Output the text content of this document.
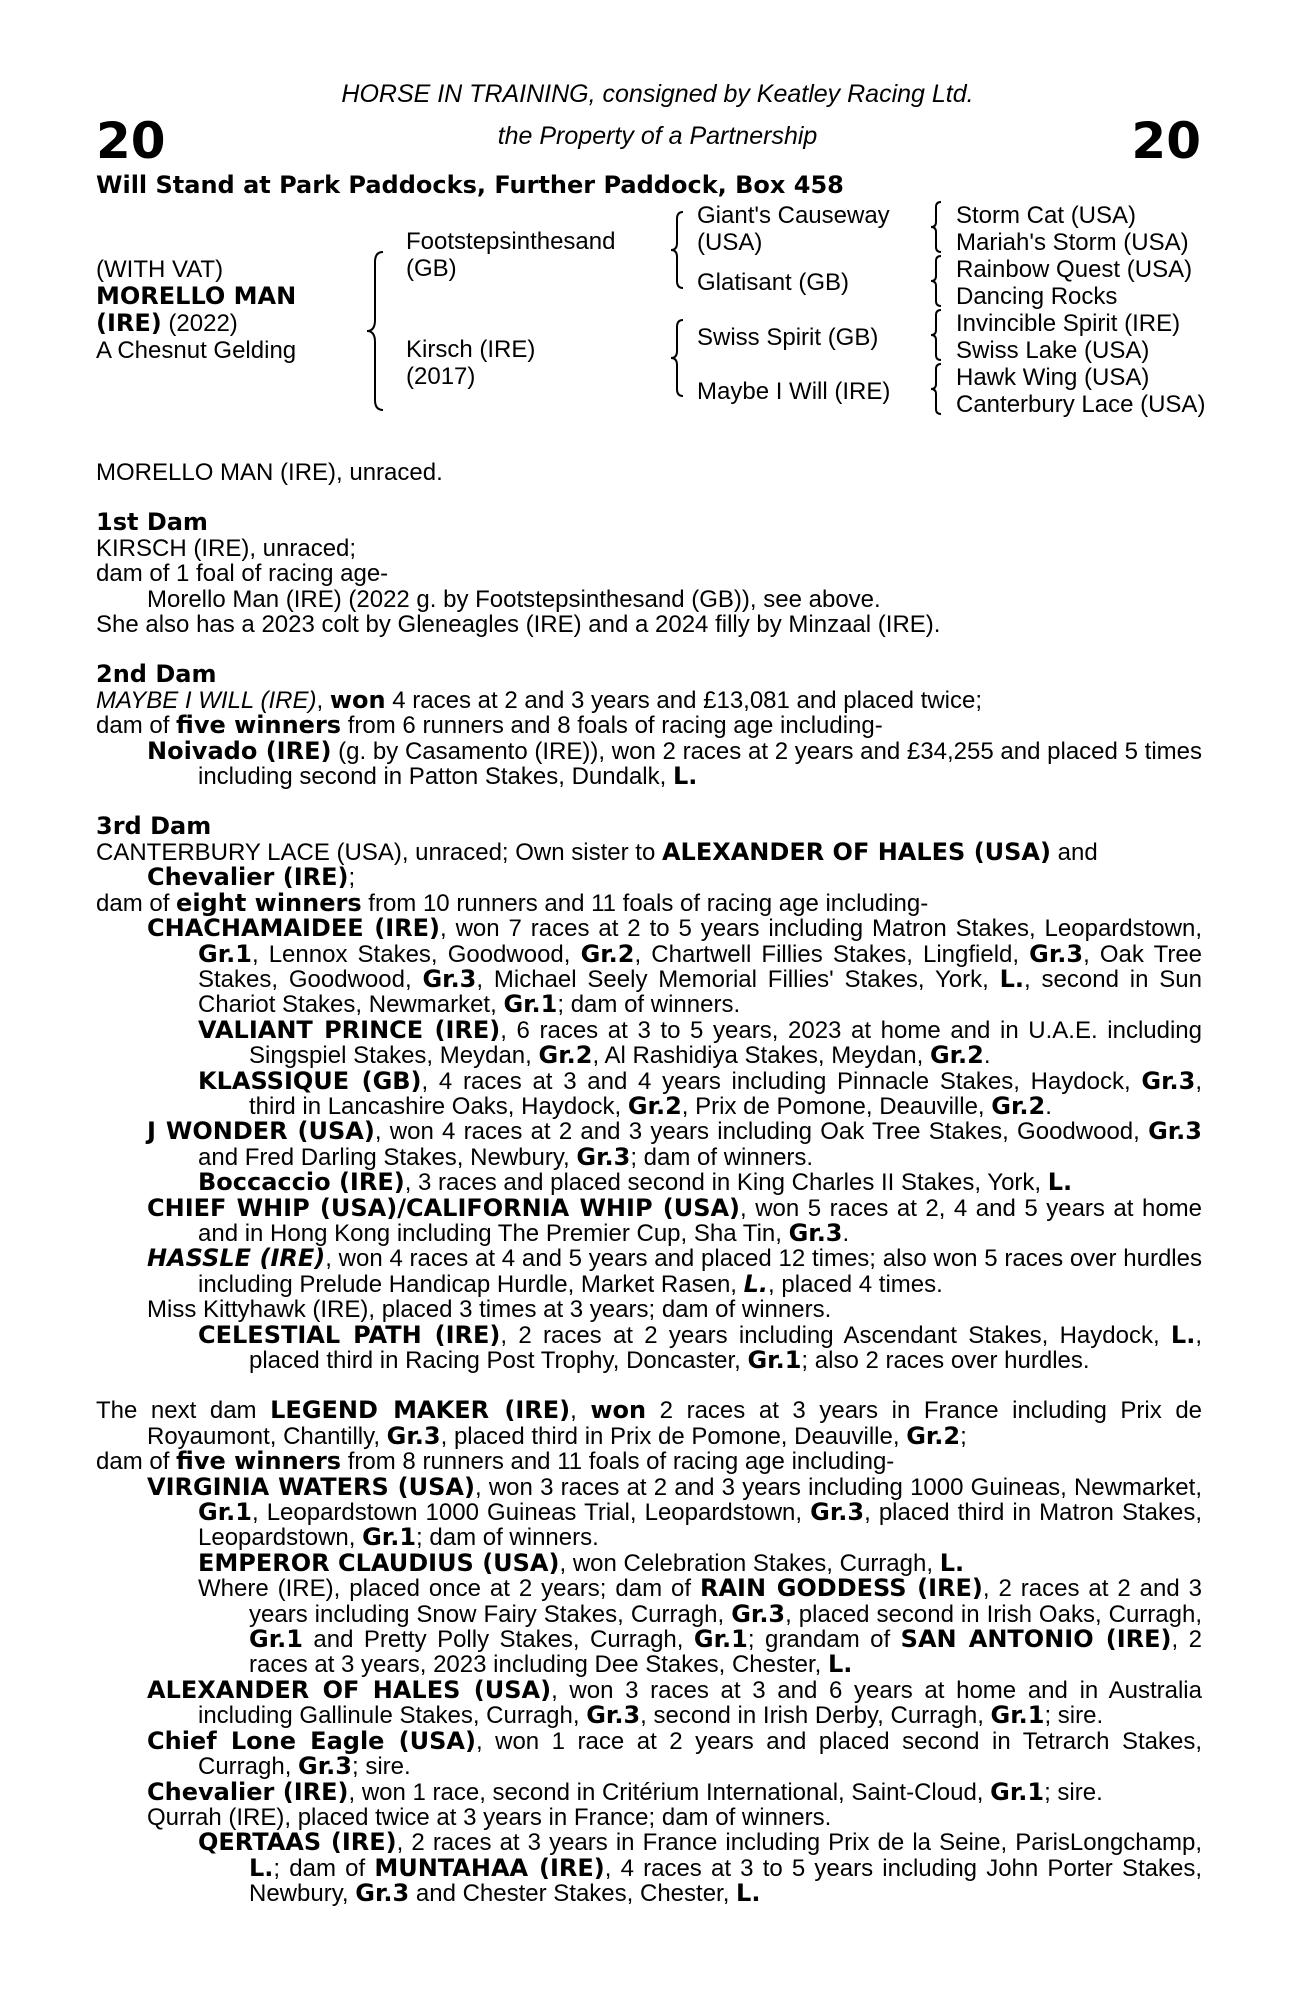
20	20
HORSE IN TRAINING, consigned by Keatley Racing Ltd.
the Property of a Partnership
Will Stand at Park Paddocks, Further Paddock, Box 458
(WITH VAT)
MORELLO MAN
(IRE) (2022)
A Chesnut Gelding
Footstepsinthesand
(GB)
Kirsch (IRE)
(2017)
Giant's Causeway
(USA)
Glatisant (GB)
Swiss Spirit (GB)
Maybe I Will (IRE)
Storm Cat (USA)
Mariah's Storm (USA)
Rainbow Quest (USA)
Dancing Rocks
Invincible Spirit (IRE)
Swiss Lake (USA)
Hawk Wing (USA)
Canterbury Lace (USA)

MORELLO MAN (IRE), unraced.

1st Dam

KIRSCH (IRE), unraced;

dam of 1 foal of racing age-

Morello Man (IRE) (2022 g. by Footstepsinthesand (GB)), see above.

She also has a 2023 colt by Gleneagles (IRE) and a 2024 filly by Minzaal (IRE).

2nd Dam

MAYBE I WILL (IRE), won 4 races at 2 and 3 years and £13,081 and placed twice;

dam of five winners from 6 runners and 8 foals of racing age including-

Noivado (IRE) (g. by Casamento (IRE)), won 2 races at 2 years and £34,255 and placed 5 times including second in Patton Stakes, Dundalk, L.

3rd Dam

CANTERBURY LACE (USA), unraced; Own sister to ALEXANDER OF HALES (USA) and
Chevalier (IRE);

dam of eight winners from 10 runners and 11 foals of racing age including-

CHACHAMAIDEE (IRE), won 7 races at 2 to 5 years including Matron Stakes, Leopardstown, Gr.1, Lennox Stakes, Goodwood, Gr.2, Chartwell Fillies Stakes, Lingfield, Gr.3, Oak Tree Stakes, Goodwood, Gr.3, Michael Seely Memorial Fillies' Stakes, York, L., second in Sun Chariot Stakes, Newmarket, Gr.1; dam of winners.

VALIANT PRINCE (IRE), 6 races at 3 to 5 years, 2023 at home and in U.A.E. including Singspiel Stakes, Meydan, Gr.2, Al Rashidiya Stakes, Meydan, Gr.2.

KLASSIQUE (GB), 4 races at 3 and 4 years including Pinnacle Stakes, Haydock, Gr.3, third in Lancashire Oaks, Haydock, Gr.2, Prix de Pomone, Deauville, Gr.2.

J WONDER (USA), won 4 races at 2 and 3 years including Oak Tree Stakes, Goodwood, Gr.3 and Fred Darling Stakes, Newbury, Gr.3; dam of winners.

Boccaccio (IRE), 3 races and placed second in King Charles II Stakes, York, L.

CHIEF WHIP (USA)/CALIFORNIA WHIP (USA), won 5 races at 2, 4 and 5 years at home and in Hong Kong including The Premier Cup, Sha Tin, Gr.3.

HASSLE (IRE), won 4 races at 4 and 5 years and placed 12 times; also won 5 races over hurdles including Prelude Handicap Hurdle, Market Rasen, L., placed 4 times.

Miss Kittyhawk (IRE), placed 3 times at 3 years; dam of winners.

CELESTIAL PATH (IRE), 2 races at 2 years including Ascendant Stakes, Haydock, L., placed third in Racing Post Trophy, Doncaster, Gr.1; also 2 races over hurdles.

The next dam LEGEND MAKER (IRE), won 2 races at 3 years in France including Prix de Royaumont, Chantilly, Gr.3, placed third in Prix de Pomone, Deauville, Gr.2;

dam of five winners from 8 runners and 11 foals of racing age including-

VIRGINIA WATERS (USA), won 3 races at 2 and 3 years including 1000 Guineas, Newmarket, Gr.1, Leopardstown 1000 Guineas Trial, Leopardstown, Gr.3, placed third in Matron Stakes, Leopardstown, Gr.1; dam of winners.

EMPEROR CLAUDIUS (USA), won Celebration Stakes, Curragh, L.

Where (IRE), placed once at 2 years; dam of RAIN GODDESS (IRE), 2 races at 2 and 3 years including Snow Fairy Stakes, Curragh, Gr.3, placed second in Irish Oaks, Curragh, Gr.1 and Pretty Polly Stakes, Curragh, Gr.1; grandam of SAN ANTONIO (IRE), 2 races at 3 years, 2023 including Dee Stakes, Chester, L.

ALEXANDER OF HALES (USA), won 3 races at 3 and 6 years at home and in Australia including Gallinule Stakes, Curragh, Gr.3, second in Irish Derby, Curragh, Gr.1; sire.

Chief Lone Eagle (USA), won 1 race at 2 years and placed second in Tetrarch Stakes, Curragh, Gr.3; sire.

Chevalier (IRE), won 1 race, second in Critérium International, Saint-Cloud, Gr.1; sire.

Qurrah (IRE), placed twice at 3 years in France; dam of winners.

QERTAAS (IRE), 2 races at 3 years in France including Prix de la Seine, ParisLongchamp, L.; dam of MUNTAHAA (IRE), 4 races at 3 to 5 years including John Porter Stakes, Newbury, Gr.3 and Chester Stakes, Chester, L.
